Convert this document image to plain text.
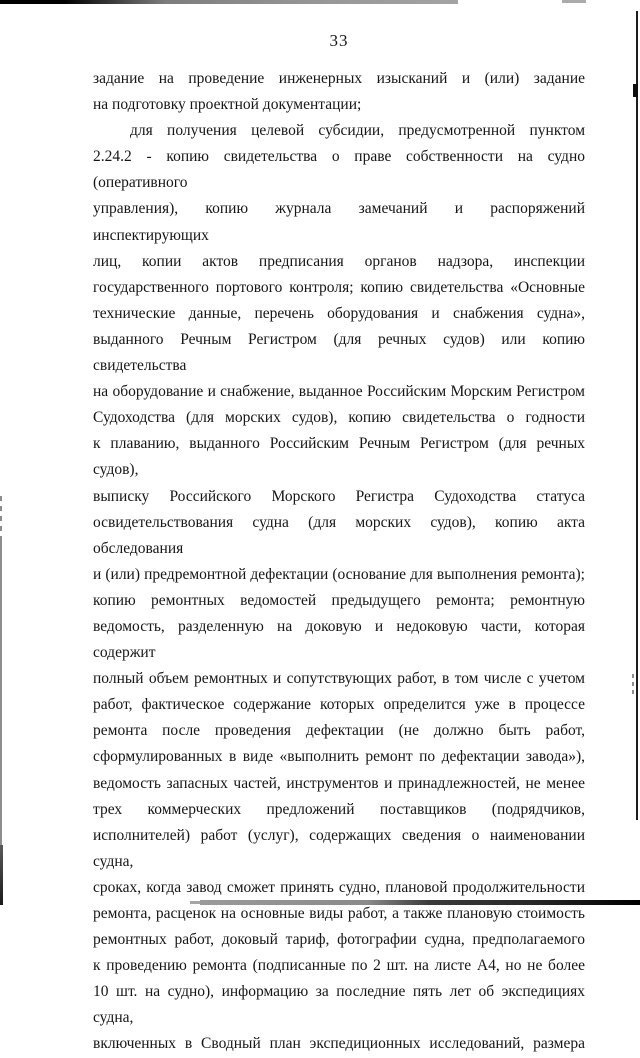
33
задание на проведение инженерных изысканий и (или) задание
на подготовку проектной документации;
для получения целевой субсидии, предусмотренной пунктом
2.24.2 - копию свидетельства о праве собственности на судно (оперативного
управления), копию журнала замечаний и распоряжений инспектирующих
лиц, копии актов предписания органов надзора, инспекции
государственного портового контроля; копию свидетельства «Основные
технические данные, перечень оборудования и снабжения судна»,
выданного Речным Регистром (для речных судов) или копию свидетельства
на оборудование и снабжение, выданное Российским Морским Регистром
Судоходства (для морских судов), копию свидетельства о годности
к плаванию, выданного Российским Речным Регистром (для речных судов),
выписку Российского Морского Регистра Судоходства статуса
освидетельствования судна (для морских судов), копию акта обследования
и (или) предремонтной дефектации (основание для выполнения ремонта);
копию ремонтных ведомостей предыдущего ремонта; ремонтную
ведомость, разделенную на доковую и недоковую части, которая содержит
полный объем ремонтных и сопутствующих работ, в том числе с учетом
работ, фактическое содержание которых определится уже в процессе
ремонта после проведения дефектации (не должно быть работ,
сформулированных в виде «выполнить ремонт по дефектации завода»),
ведомость запасных частей, инструментов и принадлежностей, не менее
трех коммерческих предложений поставщиков (подрядчиков,
исполнителей) работ (услуг), содержащих сведения о наименовании судна,
сроках, когда завод сможет принять судно, плановой продолжительности
ремонта, расценок на основные виды работ, а также плановую стоимость
ремонтных работ, доковый тариф, фотографии судна, предполагаемого
к проведению ремонта (подписанные по 2 шт. на листе А4, но не более
10 шт. на судно), информацию за последние пять лет об экспедициях судна,
включенных в Сводный план экспедиционных исследований, размера
